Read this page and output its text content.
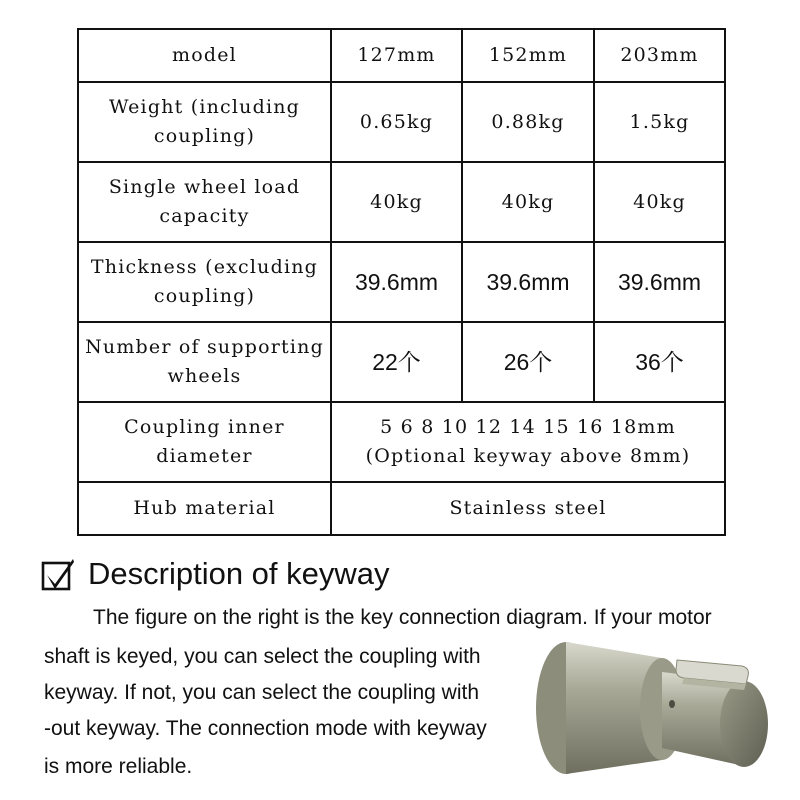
model	127mm	152mm	203mm
Weight (including
coupling)	0.65kg	0.88kg	1.5kg
Single wheel load
capacity	40kg	40kg	40kg
Thickness (excluding
coupling)	39.6mm	39.6mm	39.6mm
Number of supporting
wheels	22个	26个	36个
Coupling inner
diameter	5 6 8 10 12 14 15 16 18mm
(Optional keyway above 8mm)		
Hub material	Stainless steel		
Description of keyway
The figure on the right is the key connection diagram. If your motor
shaft is keyed, you can select the coupling with
keyway. If not, you can select the coupling with
-out keyway. The connection mode with keyway
is more reliable.
